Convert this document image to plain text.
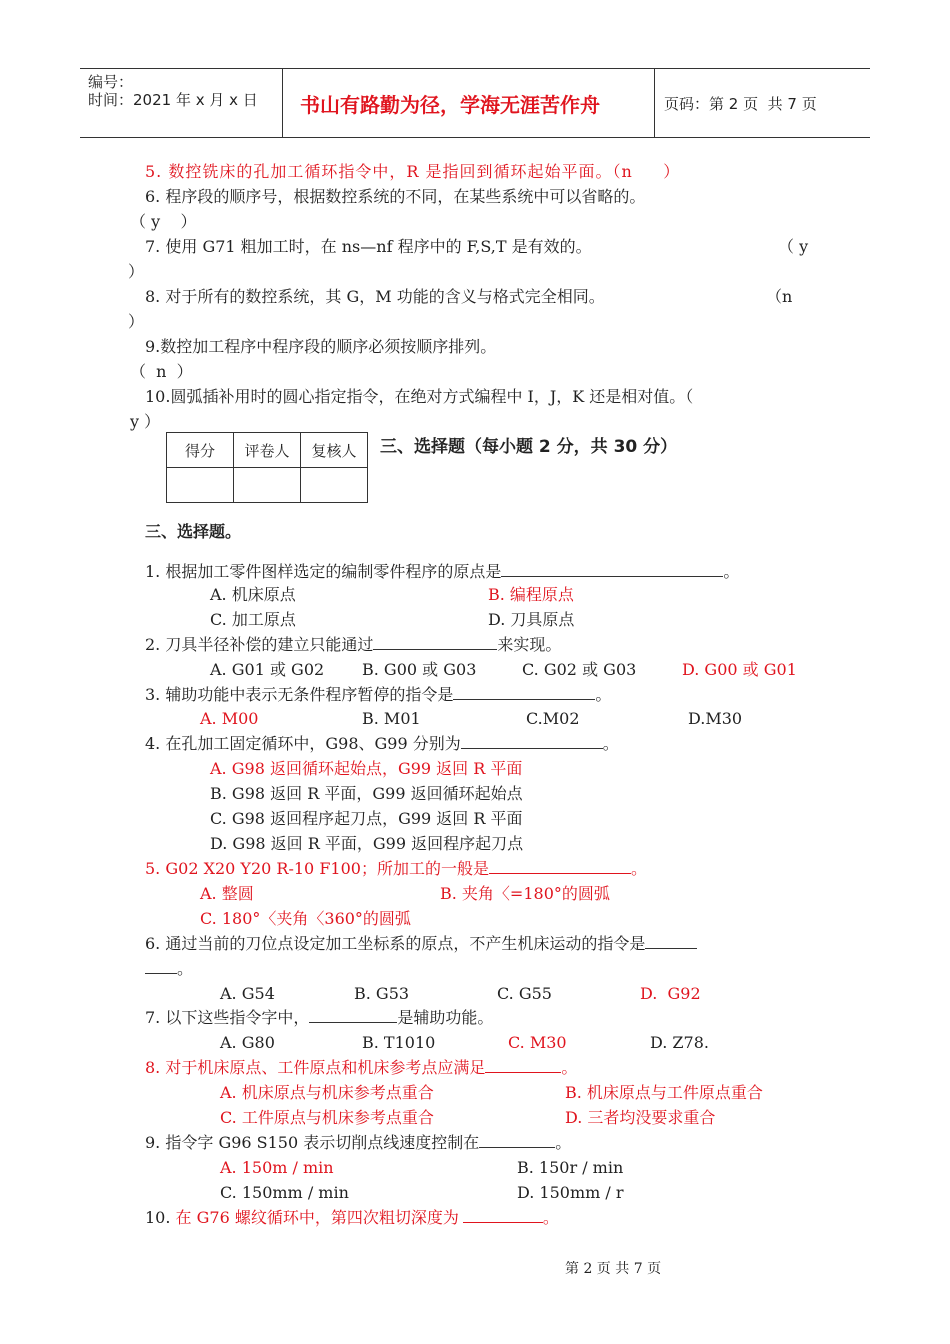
编号：
时间：2021 年 x 月 x 日 书山有路勤为径，学海无涯苦作舟	页码：第 2 页  共 7 页
5. 数控铣床的孔加工循环指令中，R 是指回到循环起始平面。（n     ）
6. 程序段的顺序号，根据数控系统的不同，在某些系统中可以省略的。
（ y    ）
7. 使用 G71 粗加工时，在 ns—nf 程序中的 F,S,T 是有效的。	（ y
）
8. 对于所有的数控系统，其 G，M 功能的含义与格式完全相同。	（n
）
9.数控加工程序中程序段的顺序必须按顺序排列。
（  n  ）
10.圆弧插补用时的圆心指定指令，在绝对方式编程中 I，J，K 还是相对值。（
y ）
得分	评卷人	复核人
		三、选择题（每小题 2 分，共 30 分）
三、选择题。
1. 根据加工零件图样选定的编制零件程序的原点是	。
A. 机床原点	B. 编程原点
C. 加工原点	D. 刀具原点
2. 刀具半径补偿的建立只能通过	来实现。
A. G01 或 G02 B. G00 或 G03	C. G02 或 G03	D. G00 或 G01
3. 辅助功能中表示无条件程序暂停的指令是	。
A. M00	B. M01	C.M02	D.M30
4. 在孔加工固定循环中，G98、G99 分别为	。
A. G98 返回循环起始点，G99 返回 R 平面
B. G98 返回 R 平面，G99 返回循环起始点
C. G98 返回程序起刀点，G99 返回 R 平面
D. G98 返回 R 平面，G99 返回程序起刀点
5. G02 X20 Y20 R-10 F100；所加工的一般是	。
A. 整圆	B. 夹角〈=180°的圆弧
C. 180°〈夹角〈360°的圆弧
6. 通过当前的刀位点设定加工坐标系的原点，不产生机床运动的指令是
。
A. G54	B. G53	C. G55	D.  G92
7. 以下这些指令字中，	是辅助功能。
A. G80	B. T1010	C. M30	D. Z78.
8. 对于机床原点、工件原点和机床参考点应满足	。
A. 机床原点与机床参考点重合	B. 机床原点与工件原点重合
C. 工件原点与机床参考点重合	D. 三者均没要求重合
9. 指令字 G96 S150 表示切削点线速度控制在	。
A. 150m / min	B. 150r / min
C. 150mm / min	D. 150mm / r
10. 在 G76 螺纹循环中，第四次粗切深度为	。
第 2 页 共 7 页
